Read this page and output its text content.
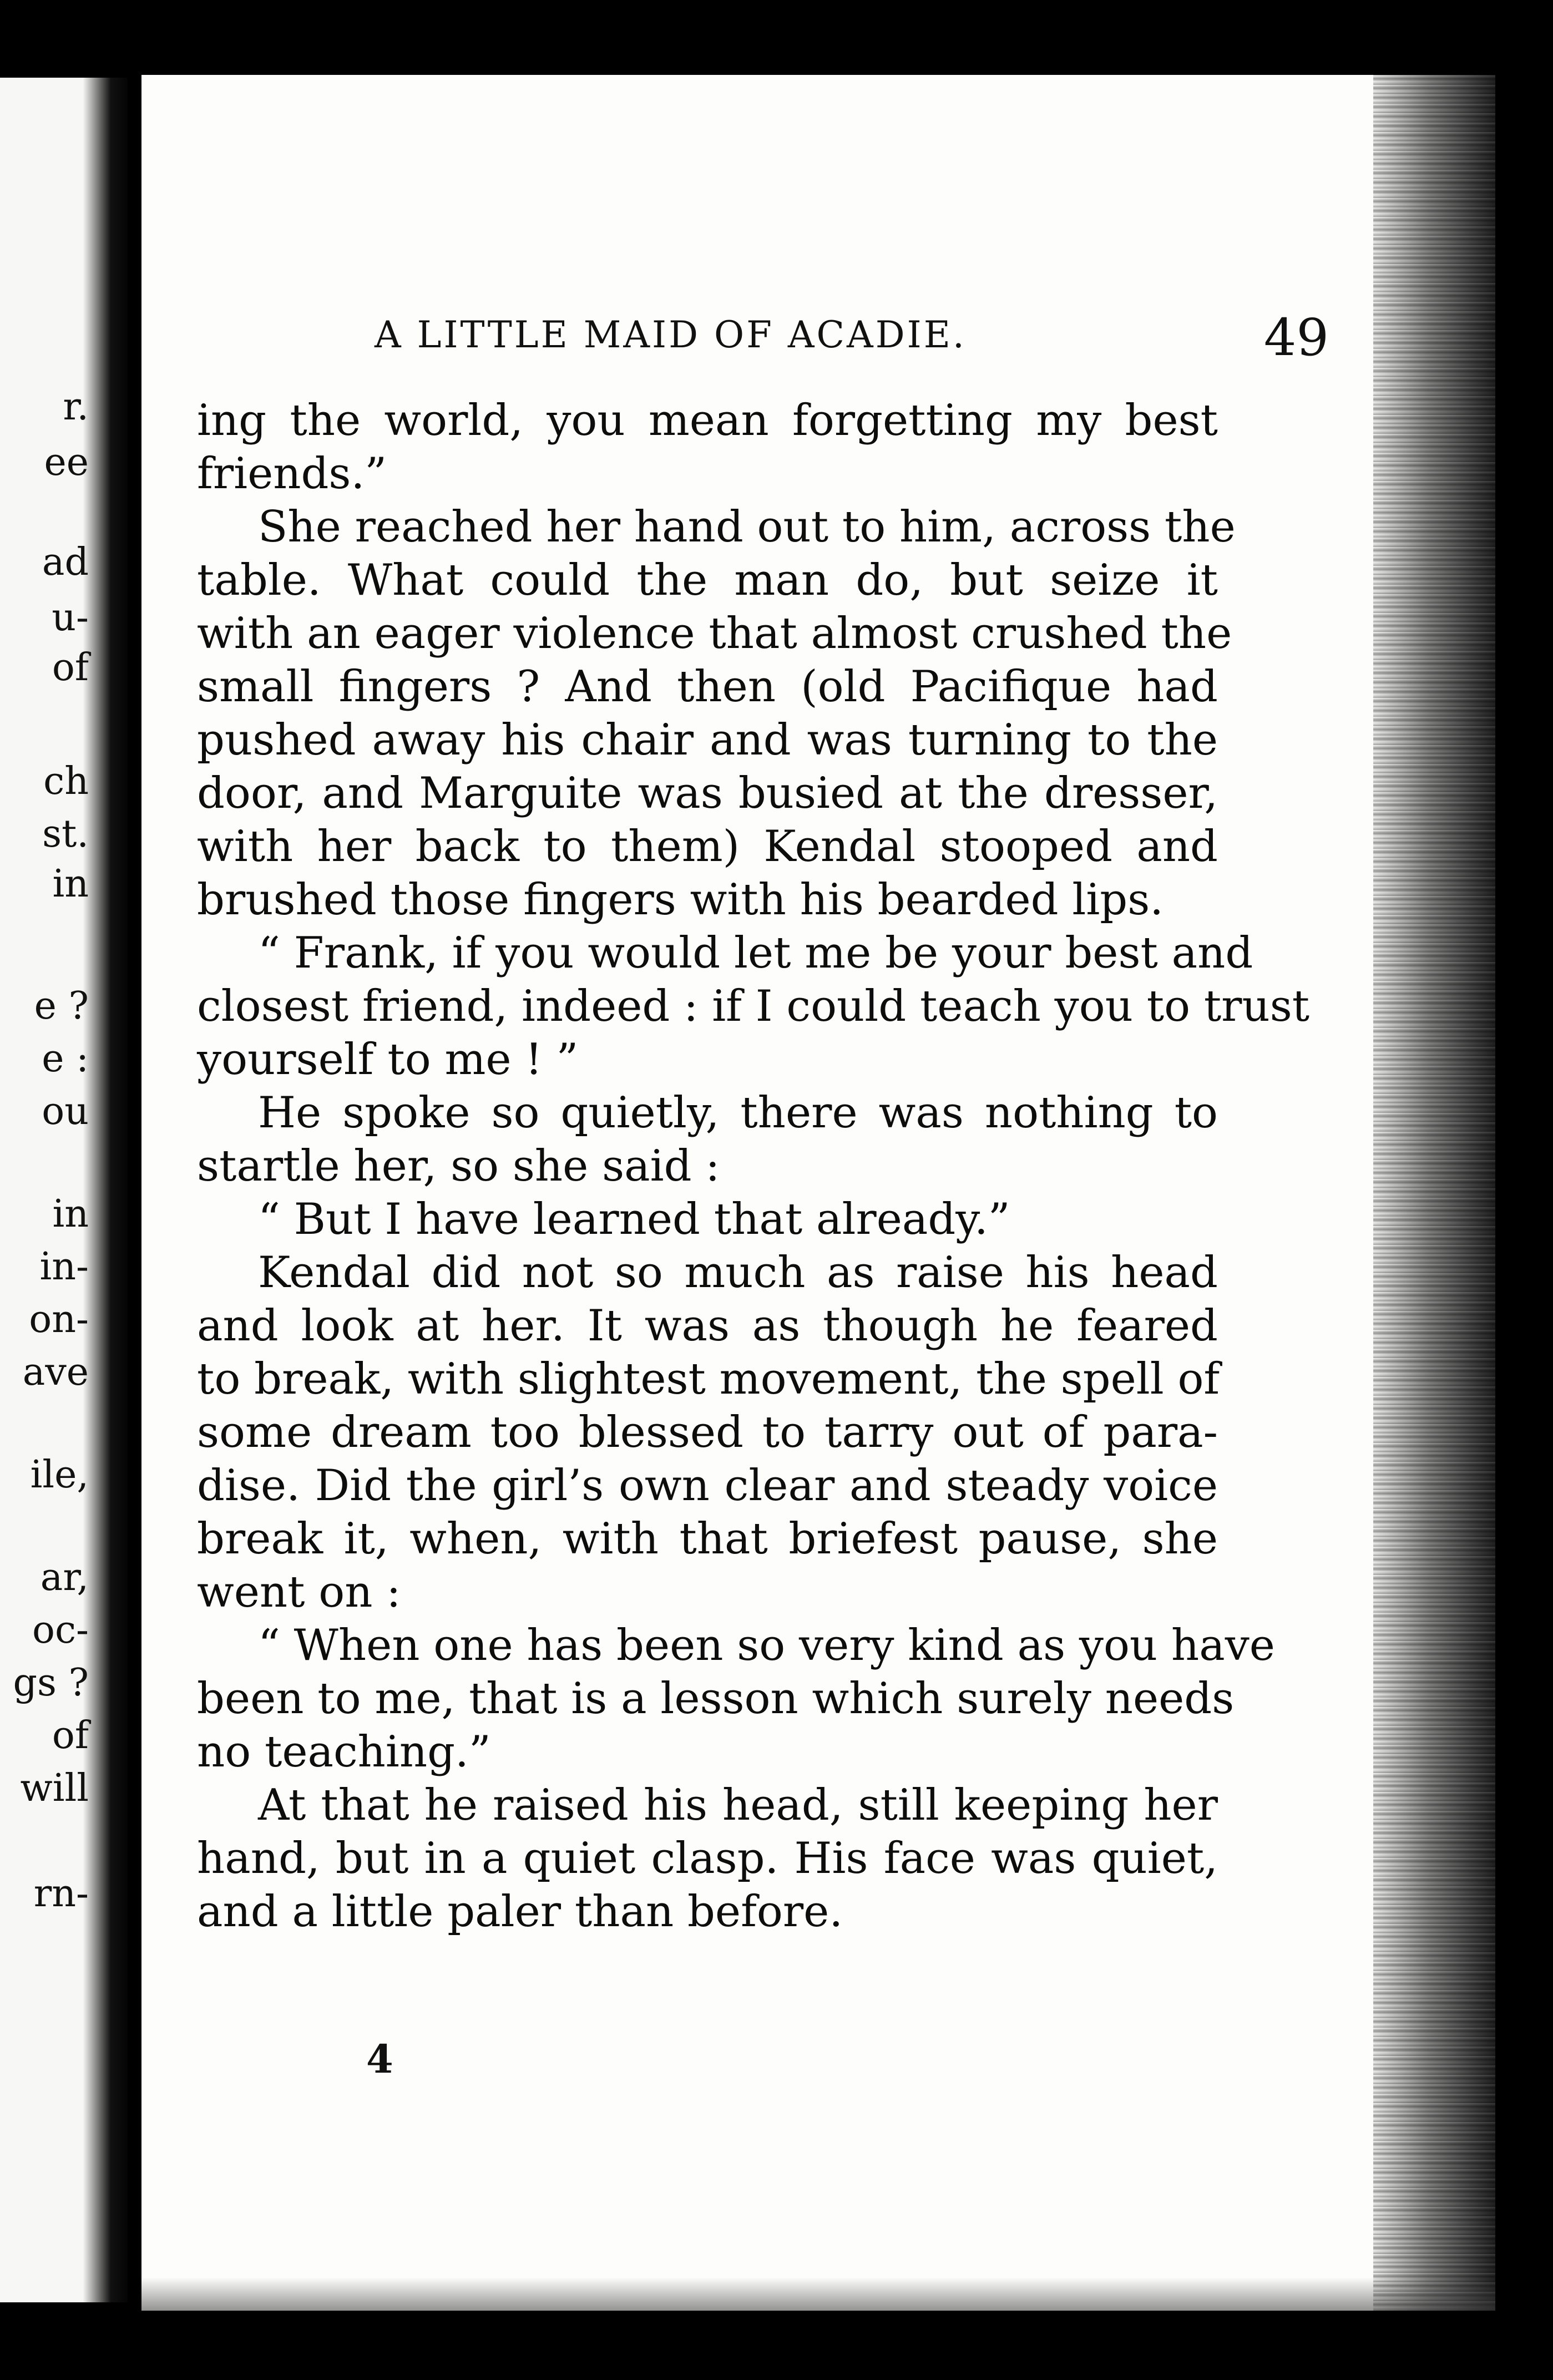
r.
ee
ad
u-
of
ch
st.
in
e ?
e :
ou
in
in-
on-
ave
ile,
ar,
oc-
gs ?
of
will
rn-
A LITTLE MAID OF ACADIE.	49
ing the world, you mean forgetting my best
friends.”
She reached her hand out to him, across the
table. What could the man do, but seize it
with an eager violence that almost crushed the
small fingers ? And then (old Pacifique had
pushed away his chair and was turning to the
door, and Marguite was busied at the dresser,
with her back to them) Kendal stooped and
brushed those fingers with his bearded lips.
“ Frank, if you would let me be your best and
closest friend, indeed : if I could teach you to trust
yourself to me ! ”
He spoke so quietly, there was nothing to
startle her, so she said :
“ But I have learned that already.”
Kendal did not so much as raise his head
and look at her. It was as though he feared
to break, with slightest movement, the spell of
some dream too blessed to tarry out of para-
dise. Did the girl’s own clear and steady voice
break it, when, with that briefest pause, she
went on :
“ When one has been so very kind as you have
been to me, that is a lesson which surely needs
no teaching.”
At that he raised his head, still keeping her
hand, but in a quiet clasp. His face was quiet,
and a little paler than before.
4
